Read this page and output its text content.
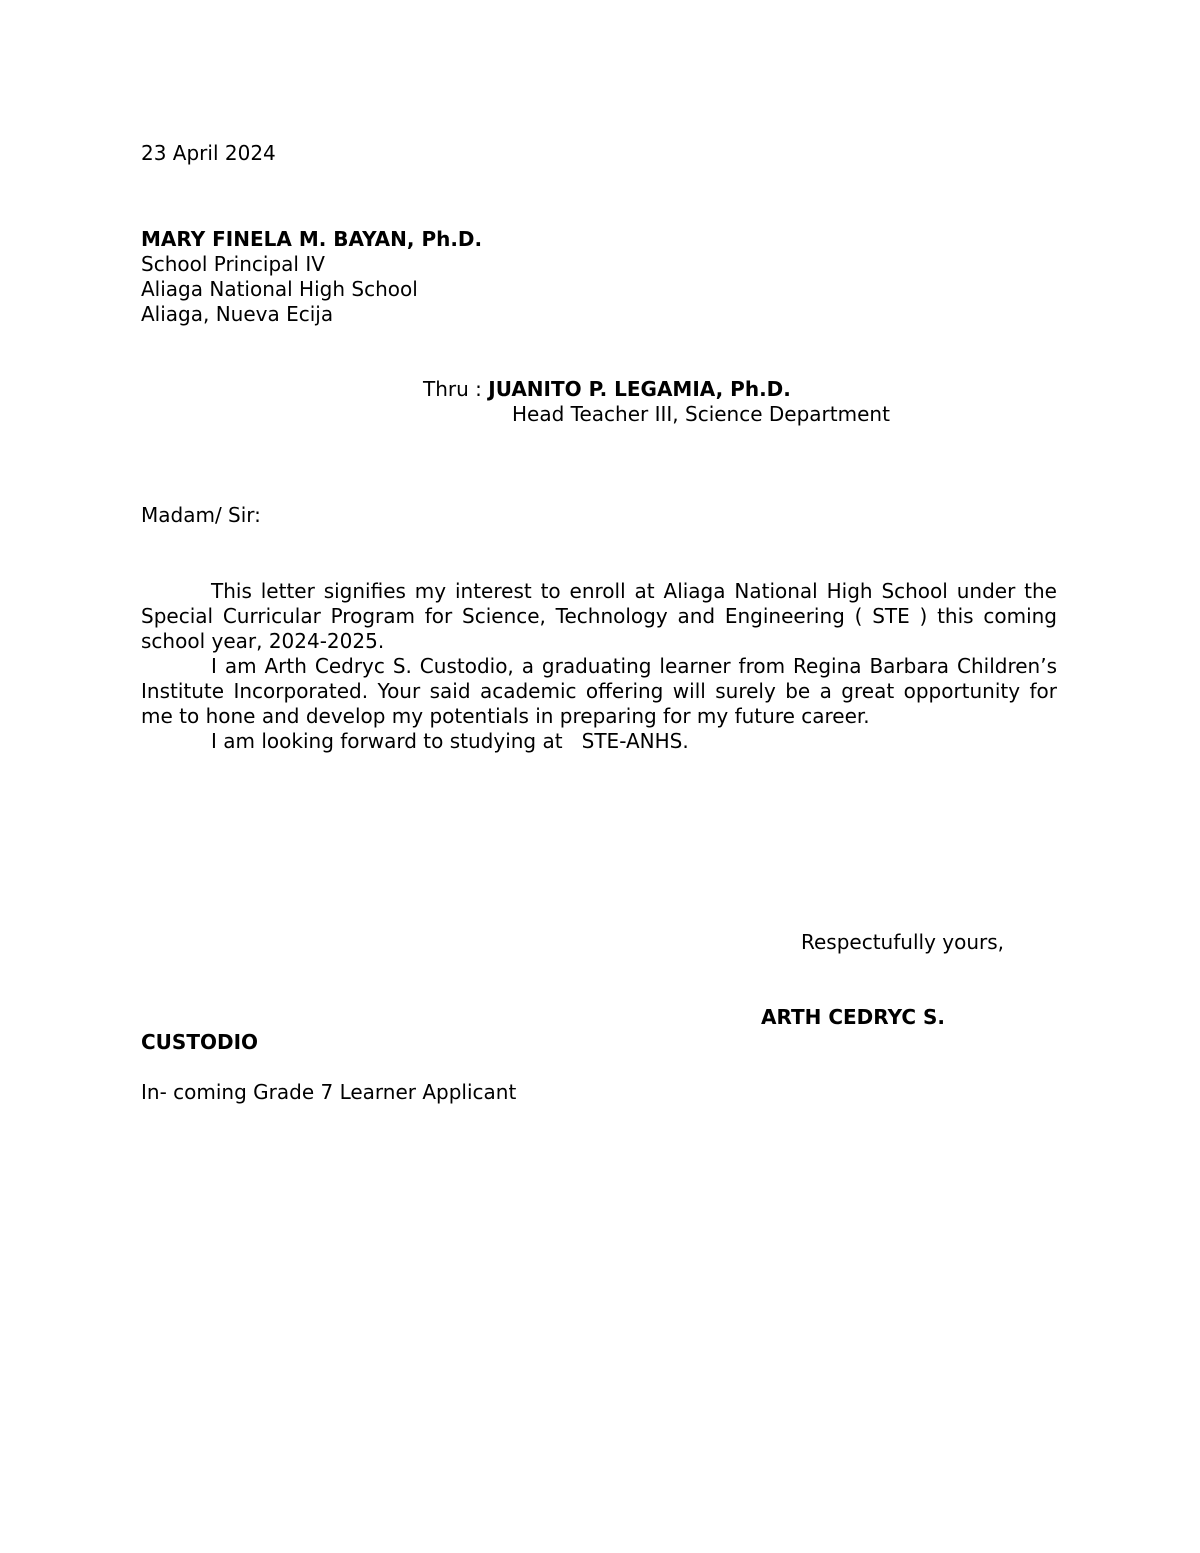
23 April 2024
MARY FINELA M. BAYAN, Ph.D.
School Principal IV
Aliaga National High School
Aliaga, Nueva Ecija
Thru : JUANITO P. LEGAMIA, Ph.D.
Head Teacher III, Science Department
Madam/ Sir:

This letter signifies my interest to enroll at Aliaga National High School under the Special Curricular Program for Science, Technology and Engineering ( STE ) this coming school year, 2024-2025.

I am Arth Cedryc S. Custodio, a graduating learner from Regina Barbara Children’s Institute Incorporated. Your said academic offering will surely be a great opportunity for me to hone and develop my potentials in preparing for my future career.

I am looking forward to studying at   STE-ANHS.

Respectufully yours,
ARTH CEDRYC S.
CUSTODIO
In- coming Grade 7 Learner Applicant
